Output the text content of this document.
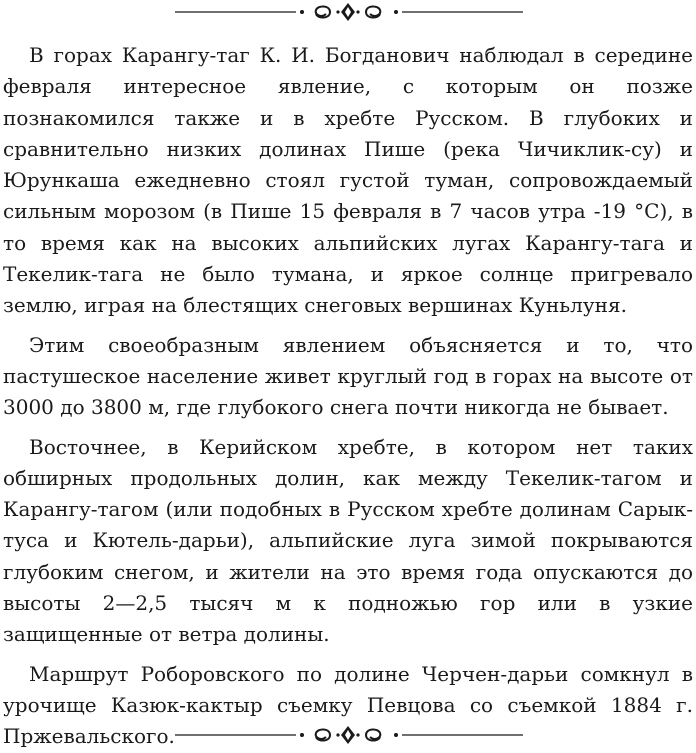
В горах Карангу-таг К. И. Богданович наблюдал в середине февраля интересное явление, с которым он позже познакомился также и в хребте Русском. В глубоких и сравнительно низких долинах Пише (река Чичиклик-су) и Юрункаша ежедневно стоял густой туман, сопровождаемый сильным морозом (в Пише 15 февраля в 7 часов утра -19 °С), в то время как на высоких альпийских лугах Карангу-тага и Текелик-тага не было тумана, и яркое солнце пригревало землю, играя на блестящих снеговых вершинах Куньлуня.

Этим своеобразным явлением объясняется и то, что пастушеское население живет круглый год в горах на высоте от 3000 до 3800 м, где глубокого снега почти никогда не бывает.

Восточнее, в Керийском хребте, в котором нет таких обширных продольных долин, как между Текелик-тагом и Карангу-тагом (или подобных в Русском хребте долинам Сарык-туса и Кютель-дарьи), альпийские луга зимой покрываются глубоким снегом, и жители на это время года опускаются до высоты 2—2,5 тысяч м к подножью гор или в узкие защищенные от ветра долины.

Маршрут Роборовского по долине Черчен-дарьи сомкнул в урочище Казюк-кактыр съемку Певцова со съемкой 1884 г. Пржевальского.
